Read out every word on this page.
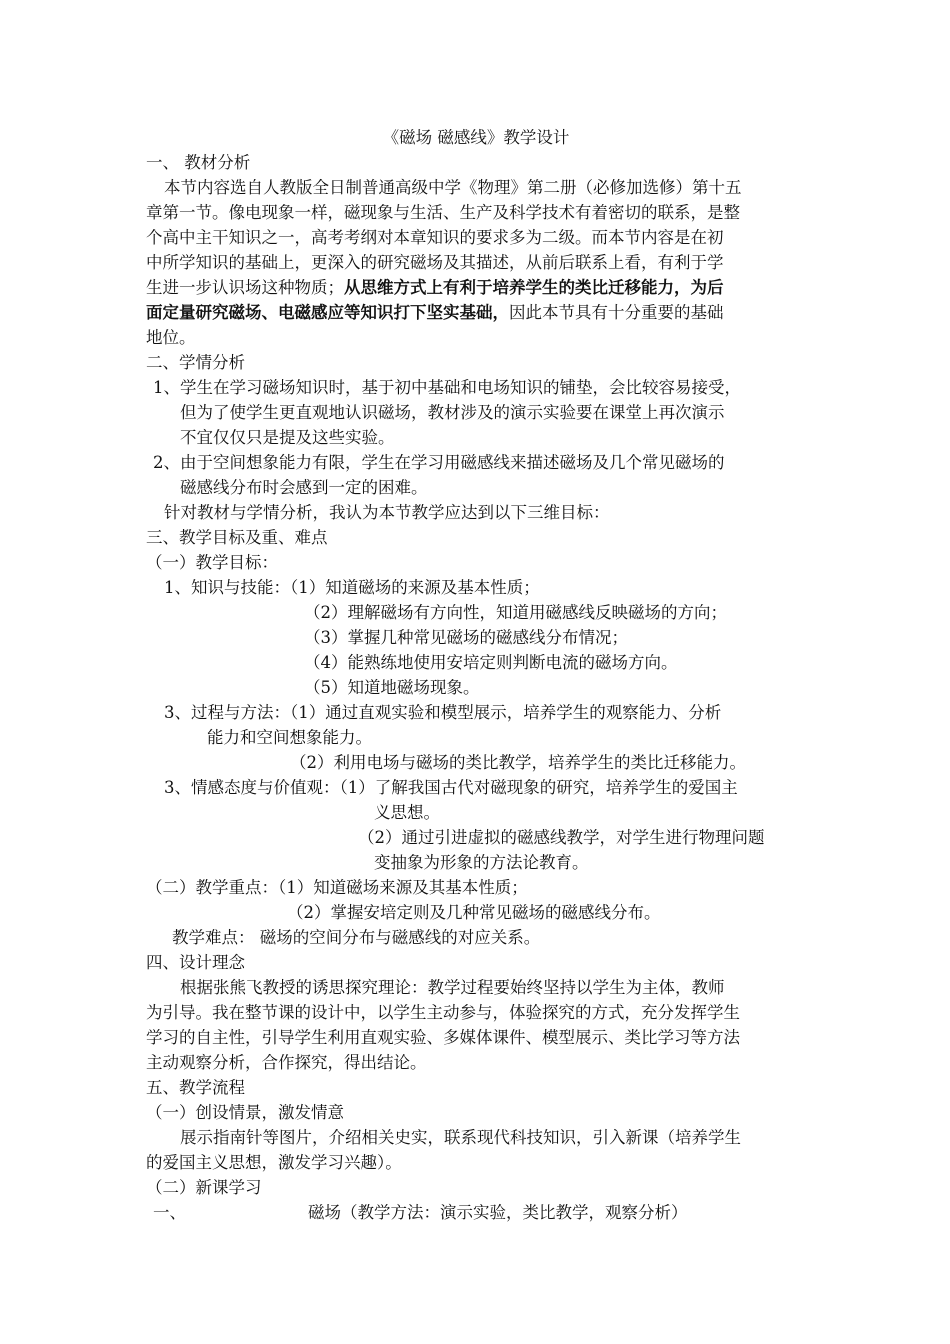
《磁场 磁感线》教学设计
一、 教材分析
本节内容选自人教版全日制普通高级中学《物理》第二册（必修加选修）第十五
章第一节。像电现象一样，磁现象与生活、生产及科学技术有着密切的联系，是整
个高中主干知识之一，高考考纲对本章知识的要求多为二级。而本节内容是在初
中所学知识的基础上，更深入的研究磁场及其描述，从前后联系上看，有利于学
生进一步认识场这种物质；从思维方式上有利于培养学生的类比迁移能力，为后
面定量研究磁场、电磁感应等知识打下坚实基础，因此本节具有十分重要的基础
地位。
二、学情分析
1、学生在学习磁场知识时，基于初中基础和电场知识的铺垫，会比较容易接受，
但为了使学生更直观地认识磁场，教材涉及的演示实验要在课堂上再次演示
不宜仅仅只是提及这些实验。
2、由于空间想象能力有限，学生在学习用磁感线来描述磁场及几个常见磁场的
磁感线分布时会感到一定的困难。
针对教材与学情分析，我认为本节教学应达到以下三维目标：
三、教学目标及重、难点
（一）教学目标：
1、知识与技能：（1）知道磁场的来源及基本性质；
（2）理解磁场有方向性，知道用磁感线反映磁场的方向；
（3）掌握几种常见磁场的磁感线分布情况；
（4）能熟练地使用安培定则判断电流的磁场方向。
（5）知道地磁场现象。
3、过程与方法：（1）通过直观实验和模型展示，培养学生的观察能力、分析
能力和空间想象能力。
（2）利用电场与磁场的类比教学，培养学生的类比迁移能力。
3、情感态度与价值观：（1）了解我国古代对磁现象的研究，培养学生的爱国主
义思想。
（2）通过引进虚拟的磁感线教学，对学生进行物理问题
变抽象为形象的方法论教育。
（二）教学重点：（1）知道磁场来源及其基本性质；
（2）掌握安培定则及几种常见磁场的磁感线分布。
教学难点： 磁场的空间分布与磁感线的对应关系。
四、设计理念
根据张熊飞教授的诱思探究理论：教学过程要始终坚持以学生为主体，教师
为引导。我在整节课的设计中，以学生主动参与，体验探究的方式，充分发挥学生
学习的自主性，引导学生利用直观实验、多媒体课件、模型展示、类比学习等方法
主动观察分析，合作探究，得出结论。
五、教学流程
（一）创设情景，激发情意
展示指南针等图片，介绍相关史实，联系现代科技知识，引入新课（培养学生
的爱国主义思想，激发学习兴趣）。
（二）新课学习
一、	磁场（教学方法：演示实验，类比教学，观察分析）
